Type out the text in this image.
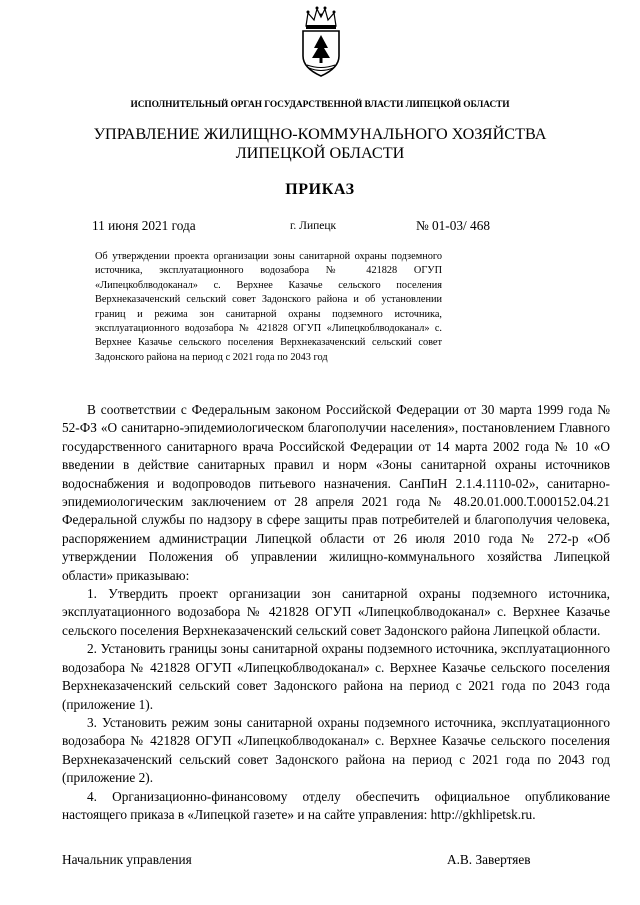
ИСПОЛНИТЕЛЬНЫЙ ОРГАН ГОСУДАРСТВЕННОЙ ВЛАСТИ ЛИПЕЦКОЙ ОБЛАСТИ
УПРАВЛЕНИЕ ЖИЛИЩНО-КОММУНАЛЬНОГО ХОЗЯЙСТВА
ЛИПЕЦКОЙ ОБЛАСТИ
ПРИКАЗ
11 июня 2021 года	г. Липецк	№ 01-03/ 468
Об утверждении проекта организации зоны санитарной охраны подземного источника, эксплуатационного водозабора № 421828 ОГУП «Липецкоблводоканал» с. Верхнее Казачье сельского поселения Верхнеказаченский сельский совет Задонского района и об установлении границ и режима зон санитарной охраны подземного источника, эксплуатационного водозабора № 421828 ОГУП «Липецкоблводоканал» с. Верхнее Казачье сельского поселения Верхнеказаченский сельский совет Задонского района на период с 2021 года по 2043 год

В соответствии с Федеральным законом Российской Федерации от 30 марта 1999 года № 52-ФЗ «О санитарно-эпидемиологическом благополучии населения», постановлением Главного государственного санитарного врача Российской Федерации от 14 марта 2002 года № 10 «О введении в действие санитарных правил и норм «Зоны санитарной охраны источников водоснабжения и водопроводов питьевого назначения. СанПиН 2.1.4.1110-02», санитарно-эпидемиологическим заключением от 28 апреля 2021 года № 48.20.01.000.Т.000152.04.21 Федеральной службы по надзору в сфере защиты прав потребителей и благополучия человека, распоряжением администрации Липецкой области от 26 июля 2010 года № 272-р «Об утверждении Положения об управлении жилищно-коммунального хозяйства Липецкой области» приказываю:

1. Утвердить проект организации зон санитарной охраны подземного источника, эксплуатационного водозабора № 421828 ОГУП «Липецкоблводоканал» с. Верхнее Казачье сельского поселения Верхнеказаченский сельский совет Задонского района Липецкой области.

2. Установить границы зоны санитарной охраны подземного источника, эксплуатационного водозабора № 421828 ОГУП «Липецкоблводоканал» с. Верхнее Казачье сельского поселения Верхнеказаченский сельский совет Задонского района на период с 2021 года по 2043 года (приложение 1).

3. Установить режим зоны санитарной охраны подземного источника, эксплуатационного водозабора № 421828 ОГУП «Липецкоблводоканал» с. Верхнее Казачье сельского поселения Верхнеказаченский сельский совет Задонского района на период с 2021 года по 2043 год (приложение 2).

4. Организационно-финансовому отделу обеспечить официальное опубликование настоящего приказа в «Липецкой газете» и на сайте управления: http://gkhlipetsk.ru.

Начальник управления	А.В. Завертяев
